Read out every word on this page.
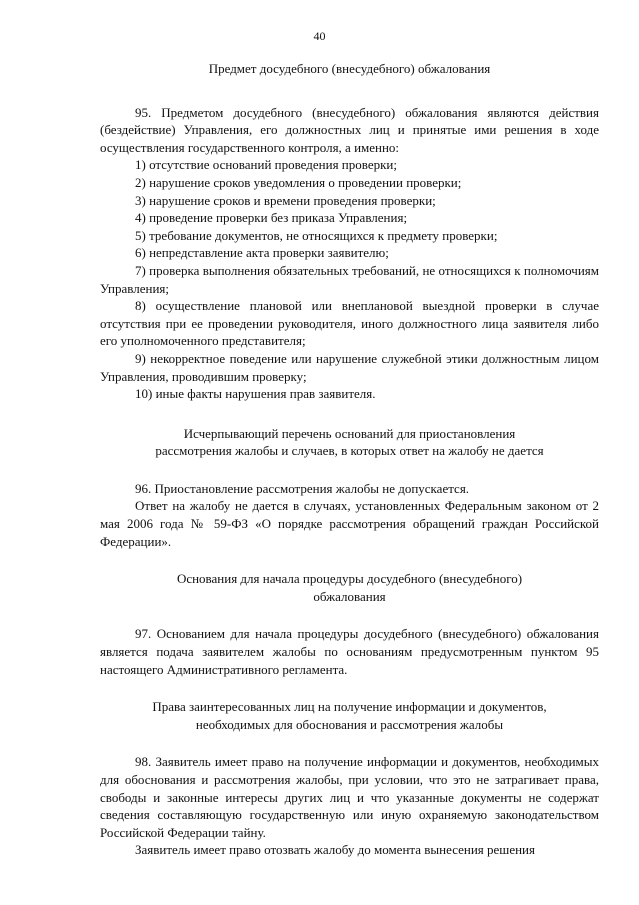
40

Предмет досудебного (внесудебного) обжалования

95. Предметом досудебного (внесудебного) обжалования являются действия (бездействие) Управления, его должностных лиц и принятые ими решения в ходе осуществления государственного контроля, а именно:

1) отсутствие оснований проведения проверки;

2) нарушение сроков уведомления о проведении проверки;

3) нарушение сроков и времени проведения проверки;

4) проведение проверки без приказа Управления;

5) требование документов, не относящихся к предмету проверки;

6) непредставление акта проверки заявителю;

7) проверка выполнения обязательных требований, не относящихся к полномочиям Управления;

8) осуществление плановой или внеплановой выездной проверки в случае отсутствия при ее проведении руководителя, иного должностного лица заявителя либо его уполномоченного представителя;

9) некорректное поведение или нарушение служебной этики должностным лицом Управления, проводившим проверку;

10) иные факты нарушения прав заявителя.

Исчерпывающий перечень оснований для приостановления

рассмотрения жалобы и случаев, в которых ответ на жалобу не дается

96. Приостановление рассмотрения жалобы не допускается.

Ответ на жалобу не дается в случаях, установленных Федеральным законом от 2 мая 2006 года № 59-ФЗ «О порядке рассмотрения обращений граждан Российской Федерации».

Основания для начала процедуры досудебного (внесудебного)

обжалования

97. Основанием для начала процедуры досудебного (внесудебного) обжалования является подача заявителем жалобы по основаниям предусмотренным пунктом 95 настоящего Административного регламента.

Права заинтересованных лиц на получение информации и документов,

необходимых для обоснования и рассмотрения жалобы

98. Заявитель имеет право на получение информации и документов, необходимых для обоснования и рассмотрения жалобы, при условии, что это не затрагивает права, свободы и законные интересы других лиц и что указанные документы не содержат сведения составляющую государственную или иную охраняемую законодательством Российской Федерации тайну.

Заявитель имеет право отозвать жалобу до момента вынесения решения
